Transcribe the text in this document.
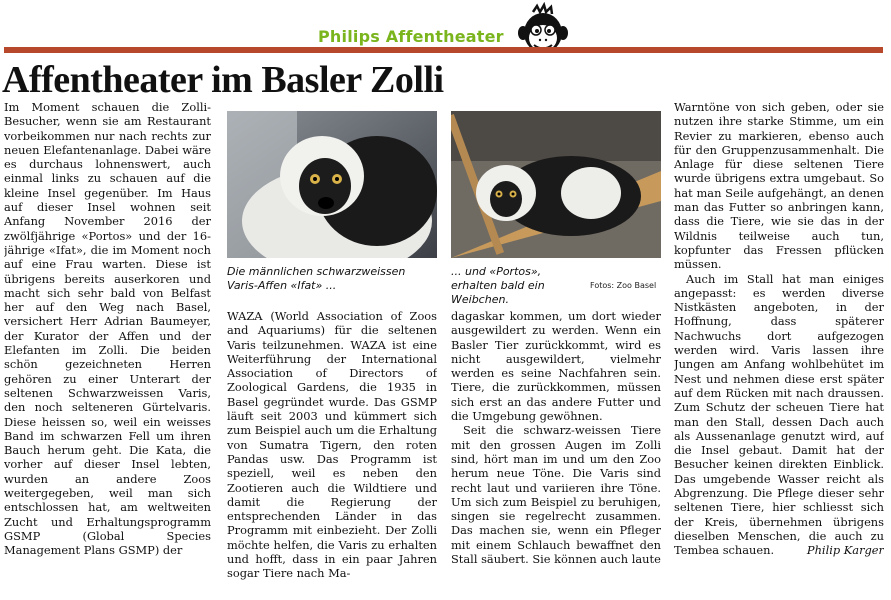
Philips Affentheater
Affentheater im Basler Zolli

Im Moment schauen die Zolli-Besucher, wenn sie am Restaurant vorbeikommen nur nach rechts zur neuen Elefantenanlage. Dabei wäre es durchaus lohnenswert, auch einmal links zu schauen auf die kleine Insel gegenüber. Im Haus auf dieser Insel wohnen seit Anfang November 2016 der zwölfjährige «Portos» und der 16-jährige «Ifat», die im Moment noch auf eine Frau warten. Diese ist übrigens bereits auserkoren und macht sich sehr bald von Belfast her auf den Weg nach Basel, versichert Herr Adrian Baumeyer, der Kurator der Affen und der Elefanten im Zolli. Die beiden schön gezeichneten Herren gehören zu einer Unterart der seltenen Schwarzweissen Varis, den noch selteneren Gürtelvaris. Diese heissen so, weil ein weisses Band im schwarzen Fell um ihren Bauch herum geht. Die Kata, die vorher auf dieser Insel lebten, wurden an andere Zoos weitergegeben, weil man sich entschlossen hat, am weltweiten Zucht und Erhaltungsprogramm GSMP (Global Species Management Plans GSMP) der

Die männlichen schwarzweissen Varis-Affen «Ifat» ...
... und «Portos», erhalten bald ein Weibchen.
Fotos: Zoo Basel

WAZA (World Association of Zoos and Aquariums) für die seltenen Varis teilzunehmen. WAZA ist eine Weiterführung der International Association of Directors of Zoological Gardens, die 1935 in Basel gegründet wurde. Das GSMP läuft seit 2003 und kümmert sich zum Beispiel auch um die Erhaltung von Sumatra Tigern, den roten Pandas usw. Das Programm ist speziell, weil es neben den Zootieren auch die Wildtiere und damit die Regierung der entsprechenden Länder in das Programm mit einbezieht. Der Zolli möchte helfen, die Varis zu erhalten und hofft, dass in ein paar Jahren sogar Tiere nach Ma-

dagaskar kommen, um dort wieder ausgewildert zu werden. Wenn ein Basler Tier zurückkommt, wird es nicht ausgewildert, vielmehr werden es seine Nachfahren sein. Tiere, die zurückkommen, müssen sich erst an das andere Futter und die Umgebung gewöhnen.

Seit die schwarz-weissen Tiere mit den grossen Augen im Zolli sind, hört man im und um den Zoo herum neue Töne. Die Varis sind recht laut und variieren ihre Töne. Um sich zum Beispiel zu beruhigen, singen sie regelrecht zusammen. Das machen sie, wenn ein Pfleger mit einem Schlauch bewaffnet den Stall säubert. Sie können auch laute

Warntöne von sich geben, oder sie nutzen ihre starke Stimme, um ein Revier zu markieren, ebenso auch für den Gruppenzusammenhalt. Die Anlage für diese seltenen Tiere wurde übrigens extra umgebaut. So hat man Seile aufgehängt, an denen man das Futter so anbringen kann, dass die Tiere, wie sie das in der Wildnis teilweise auch tun, kopfunter das Fressen pflücken müssen.

Auch im Stall hat man einiges angepasst: es werden diverse Nistkästen angeboten, in der Hoffnung, dass späterer Nachwuchs dort aufgezogen werden wird. Varis lassen ihre Jungen am Anfang wohlbehütet im Nest und nehmen diese erst später auf dem Rücken mit nach draussen. Zum Schutz der scheuen Tiere hat man den Stall, dessen Dach auch als Aussenanlage genutzt wird, auf die Insel gebaut. Damit hat der Besucher keinen direkten Einblick. Das umgebende Wasser reicht als Abgrenzung. Die Pflege dieser sehr seltenen Tiere, hier schliesst sich der Kreis, übernehmen übrigens dieselben Menschen, die auch zu Tembea schauen.	Philip Karger
